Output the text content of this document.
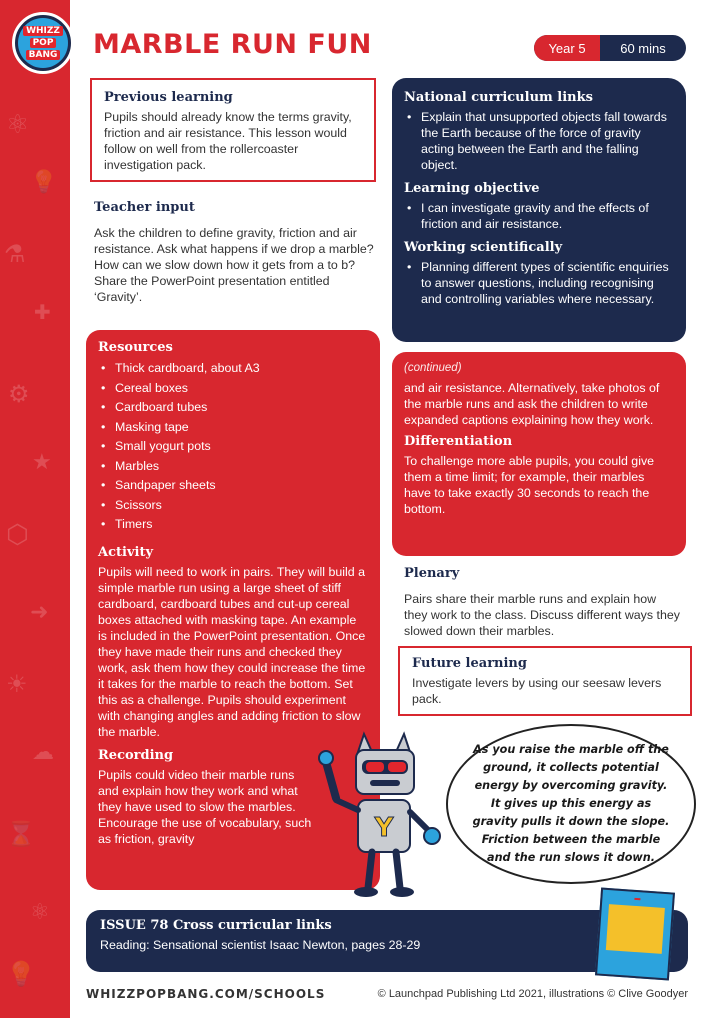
⚛
💡
⚗
✚
⚙
★
⬡
➜
☀
☁
⌛
⚛
💡
WHIZZ
POP
BANG MARBLE RUN FUN	Year 5	60 mins
Previous learning
Pupils should already know the terms gravity, friction and air resistance. This lesson would follow on well from the rollercoaster investigation pack.
Teacher input
Ask the children to define gravity, friction and air resistance. Ask what happens if we drop a marble? How can we slow down how it gets from a to b? Share the PowerPoint presentation entitled ‘Gravity’.
Resources
• Thick cardboard, about A3
• Cereal boxes
• Cardboard tubes
• Masking tape
• Small yogurt pots
• Marbles
• Sandpaper sheets
• Scissors
• Timers
Activity
Pupils will need to work in pairs. They will build a simple marble run using a large sheet of stiff cardboard, cardboard tubes and cut-up cereal boxes attached with masking tape. An example is included in the PowerPoint presentation. Once they have made their runs and checked they work, ask them how they could increase the time it takes for the marble to reach the bottom. Set this as a challenge. Pupils should experiment with changing angles and adding friction to slow the marble.
Recording
Pupils could video their marble runs and explain how they work and what they have used to slow the marbles. Encourage the use of vocabulary, such as friction, gravity
National curriculum links
• Explain that unsupported objects fall towards the Earth because of the force of gravity acting between the Earth and the falling object.
Learning objective
• I can investigate gravity and the effects of friction and air resistance.
Working scientifically
• Planning different types of scientific enquiries to answer questions, including recognising and controlling variables where necessary.
(continued)
and air resistance. Alternatively, take photos of the marble runs and ask the children to write expanded captions explaining how they work.
Differentiation
To challenge more able pupils, you could give them a time limit; for example, their marbles have to take exactly 30 seconds to reach the bottom.
Plenary
Pairs share their marble runs and explain how they work to the class. Discuss different ways they slowed down their marbles.
Future learning
Investigate levers by using our seesaw levers pack.
Y
As you raise the marble off the ground, it collects potential energy by overcoming gravity. It gives up this energy as gravity pulls it down the slope. Friction between the marble and the run slows it down.
ISSUE 78 Cross curricular links
Reading: Sensational scientist Isaac Newton, pages 28-29
WHIZZPOPBANG.COM/SCHOOLS	© Launchpad Publishing Ltd 2021, illustrations © Clive Goodyer
